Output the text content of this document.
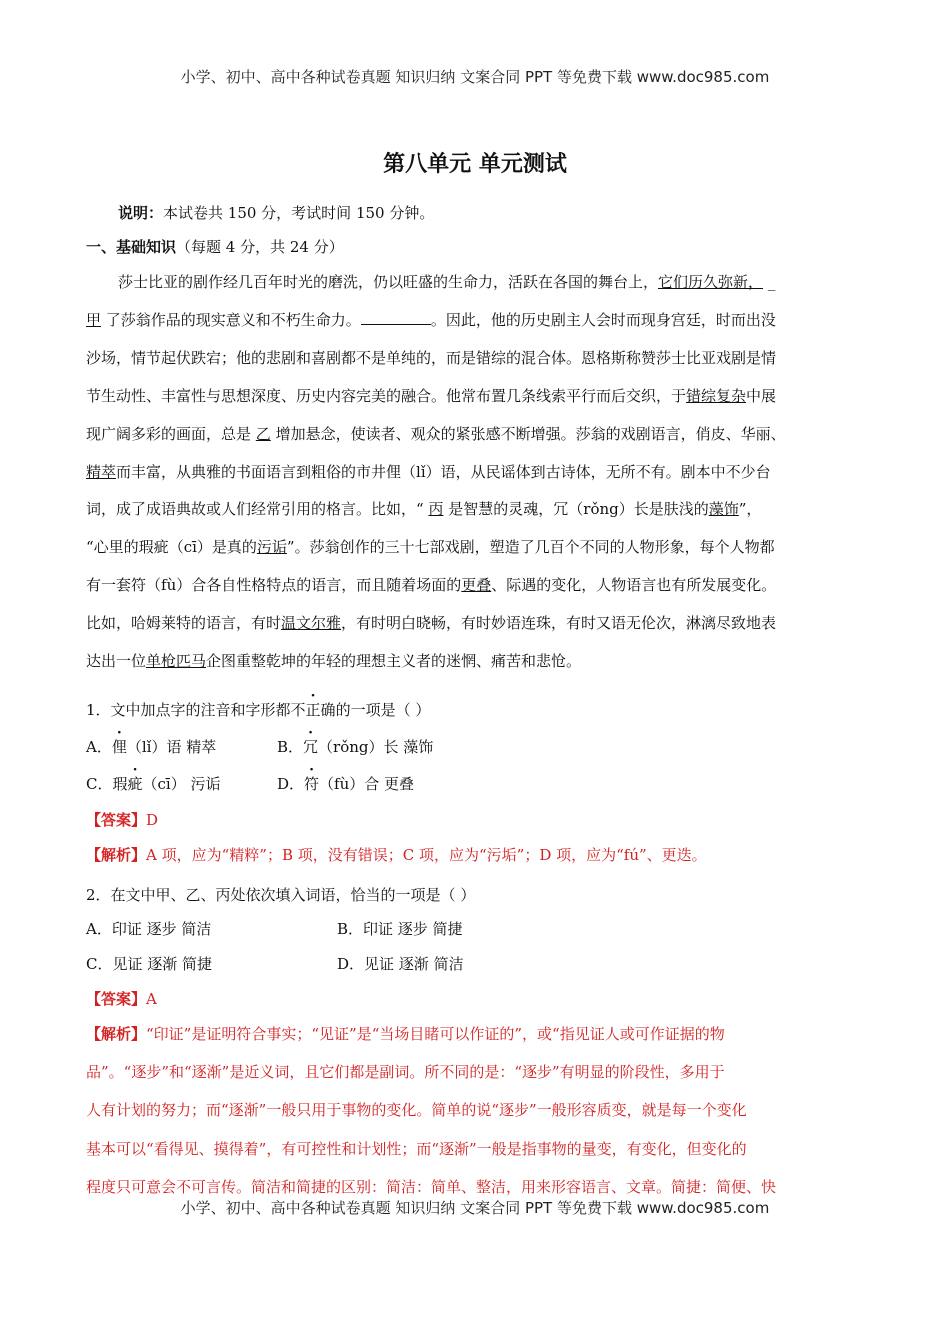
小学、初中、高中各种试卷真题 知识归纳 文案合同 PPT 等免费下载 www.doc985.com
第八单元 单元测试
说明：本试卷共 150 分，考试时间 150 分钟。
一、基础知识（每题 4 分，共 24 分）
莎士比亚的剧作经几百年时光的磨洗，仍以旺盛的生命力，活跃在各国的舞台上，它们历久弥新， _
甲 了莎翁作品的现实意义和不朽生命力。	。因此，他的历史剧主人会时而现身宫廷，时而出没
沙场，情节起伏跌宕；他的悲剧和喜剧都不是单纯的，而是错综的混合体。恩格斯称赞莎士比亚戏剧是情
节生动性、丰富性与思想深度、历史内容完美的融合。他常布置几条线索平行而后交织，于错综复杂中展
现广阔多彩的画面，总是 乙 增加悬念，使读者、观众的紧张感不断增强。莎翁的戏剧语言，俏皮、华丽、
精萃而丰富，从典雅的书面语言到粗俗的市井俚（lǐ）语，从民谣体到古诗体，无所不有。剧本中不少台
词，成了成语典故或人们经常引用的格言。比如，“ 丙 是智慧的灵魂，冗（rǒng）长是肤浅的藻饰”，
“心里的瑕疵（cī）是真的污诟”。莎翁创作的三十七部戏剧，塑造了几百个不同的人物形象，每个人物都
有一套符（fù）合各自性格特点的语言，而且随着场面的更叠、际遇的变化，人物语言也有所发展变化。
比如，哈姆莱特的语言，有时温文尔雅，有时明白晓畅，有时妙语连珠，有时又语无伦次，淋漓尽致地表
达出一位单枪匹马企图重整乾坤的年轻的理想主义者的迷惘、痛苦和悲怆。
1．文中加点字的注音和字形都不正确的一项是（ ）
A．俚（lǐ）语 精萃	B．冗（rǒng）长 藻饰
C．瑕疵（cī） 污诟	D．符（fù）合 更叠
【答案】D
【解析】A 项，应为“精粹”；B 项，没有错误；C 项，应为“污垢”；D 项，应为“fú”、更迭。
2．在文中甲、乙、丙处依次填入词语，恰当的一项是（ ）
A．印证 逐步 简洁	B．印证 逐步 简捷
C．见证 逐渐 简捷	D．见证 逐渐 简洁
【答案】A
【解析】“印证”是证明符合事实；“见证”是“当场目睹可以作证的”，或“指见证人或可作证据的物
品”。“逐步”和“逐渐”是近义词，且它们都是副词。所不同的是：“逐步”有明显的阶段性，多用于
人有计划的努力；而“逐渐”一般只用于事物的变化。简单的说“逐步”一般形容质变，就是每一个变化
基本可以“看得见、摸得着”，有可控性和计划性；而“逐渐”一般是指事物的量变，有变化，但变化的
程度只可意会不可言传。简洁和简捷的区别：简洁：简单、整洁，用来形容语言、文章。简捷：简便、快
小学、初中、高中各种试卷真题 知识归纳 文案合同 PPT 等免费下载 www.doc985.com
